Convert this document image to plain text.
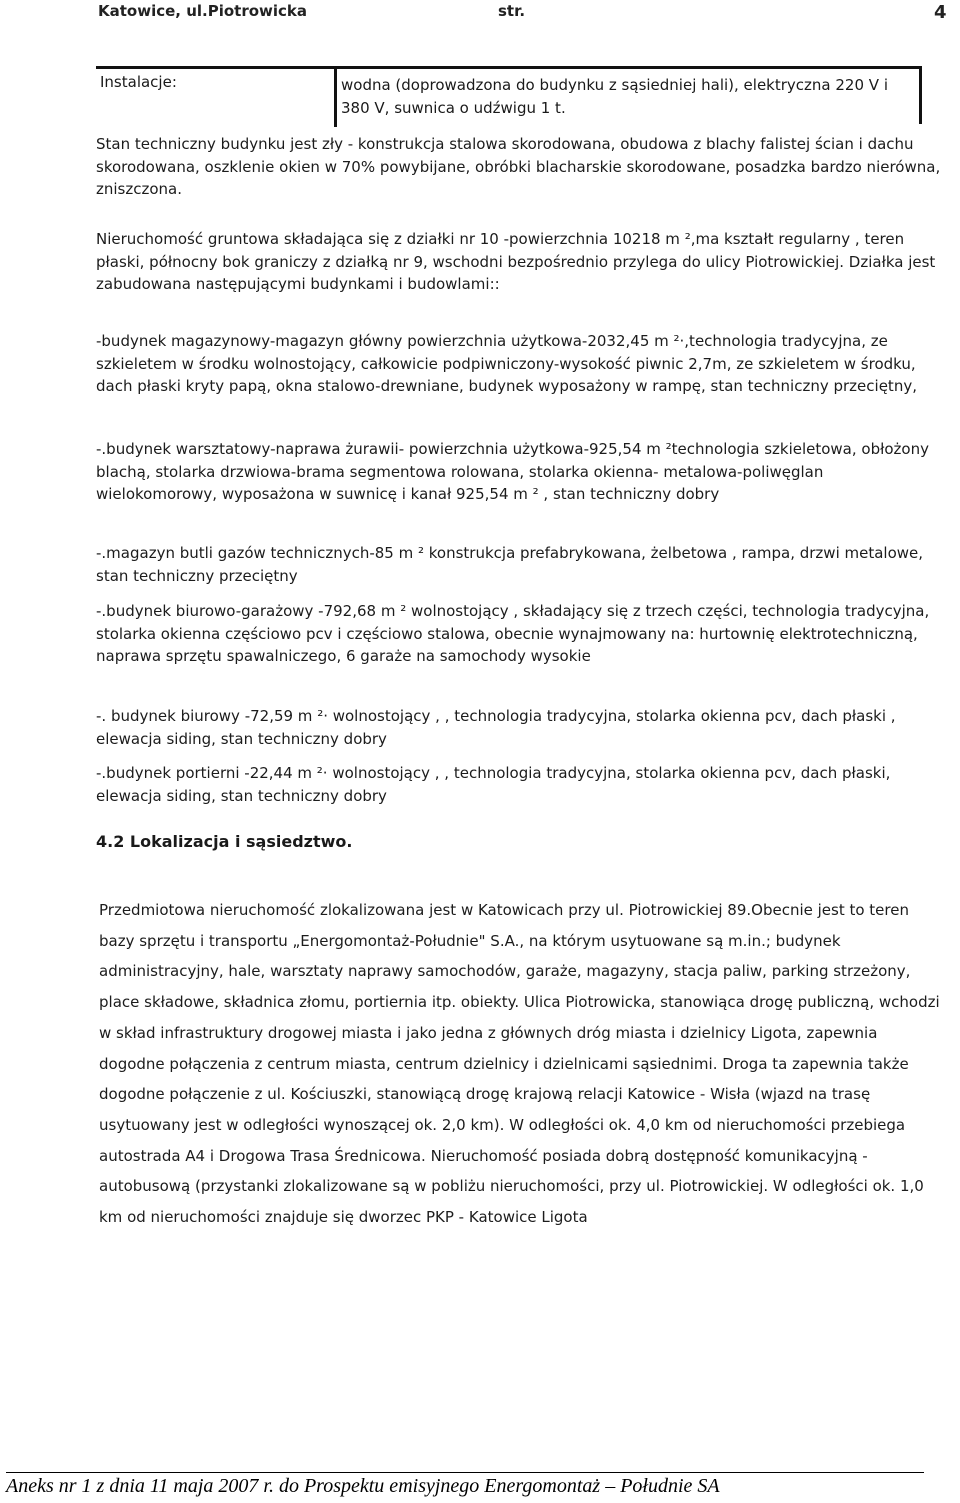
Katowice, ul.Piotrowicka	str.	4
Instalacje:	wodna (doprowadzona do budynku z sąsiedniej hali), elektryczna 220 V i 380 V, suwnica o udźwigu 1 t.
Stan techniczny budynku jest zły - konstrukcja stalowa skorodowana, obudowa z blachy falistej ścian i dachu skorodowana, oszklenie okien w 70% powybijane, obróbki blacharskie skorodowane, posadzka bardzo nierówna, zniszczona.
Nieruchomość gruntowa składająca się z działki nr 10 -powierzchnia 10218 m ²,ma kształt regularny , teren płaski, północny bok graniczy z działką nr 9, wschodni bezpośrednio przylega do ulicy Piotrowickiej. Działka jest zabudowana następującymi budynkami i budowlami::
-budynek magazynowy-magazyn główny powierzchnia użytkowa-2032,45 m ²·,technologia tradycyjna, ze szkieletem w środku wolnostojący, całkowicie podpiwniczony-wysokość piwnic 2,7m, ze szkieletem w środku, dach płaski kryty papą, okna stalowo-drewniane, budynek wyposażony w rampę, stan techniczny przeciętny,
-.budynek warsztatowy-naprawa żurawii- powierzchnia użytkowa-925,54 m ²technologia szkieletowa, obłożony blachą, stolarka drzwiowa-brama segmentowa rolowana, stolarka okienna- metalowa-poliwęglan wielokomorowy, wyposażona w suwnicę i kanał 925,54 m ² , stan techniczny dobry
-.magazyn butli gazów technicznych-85 m ² konstrukcja prefabrykowana, żelbetowa , rampa, drzwi metalowe, stan techniczny przeciętny
-.budynek biurowo-garażowy -792,68 m ² wolnostojący , składający się z trzech części, technologia tradycyjna, stolarka okienna częściowo pcv i częściowo stalowa, obecnie wynajmowany na: hurtownię elektrotechniczną, naprawa sprzętu spawalniczego, 6 garaże na samochody wysokie
-. budynek biurowy -72,59 m ²· wolnostojący , , technologia tradycyjna, stolarka okienna pcv, dach płaski , elewacja siding, stan techniczny dobry
-.budynek portierni -22,44 m ²· wolnostojący , , technologia tradycyjna, stolarka okienna pcv, dach płaski, elewacja siding, stan techniczny dobry
4.2 Lokalizacja i sąsiedztwo.
Przedmiotowa nieruchomość zlokalizowana jest w Katowicach przy ul. Piotrowickiej 89.Obecnie jest to teren bazy sprzętu i transportu „Energomontaż-Południe" S.A., na którym usytuowane są m.in.; budynek administracyjny, hale, warsztaty naprawy samochodów, garaże, magazyny, stacja paliw, parking strzeżony, place składowe, składnica złomu, portiernia itp. obiekty. Ulica Piotrowicka, stanowiąca drogę publiczną, wchodzi w skład infrastruktury drogowej miasta i jako jedna z głównych dróg miasta i dzielnicy Ligota, zapewnia dogodne połączenia z centrum miasta, centrum dzielnicy i dzielnicami sąsiednimi. Droga ta zapewnia także dogodne połączenie z ul. Kościuszki, stanowiącą drogę krajową relacji Katowice - Wisła (wjazd na trasę usytuowany jest w odległości wynoszącej ok. 2,0 km). W odległości ok. 4,0 km od nieruchomości przebiega autostrada A4 i Drogowa Trasa Średnicowa. Nieruchomość posiada dobrą dostępność komunikacyjną - autobusową (przystanki zlokalizowane są w pobliżu nieruchomości, przy ul. Piotrowickiej. W odległości ok. 1,0 km od nieruchomości znajduje się dworzec PKP - Katowice Ligota
Aneks nr 1 z dnia 11 maja 2007 r. do Prospektu emisyjnego Energomontaż – Południe SA
